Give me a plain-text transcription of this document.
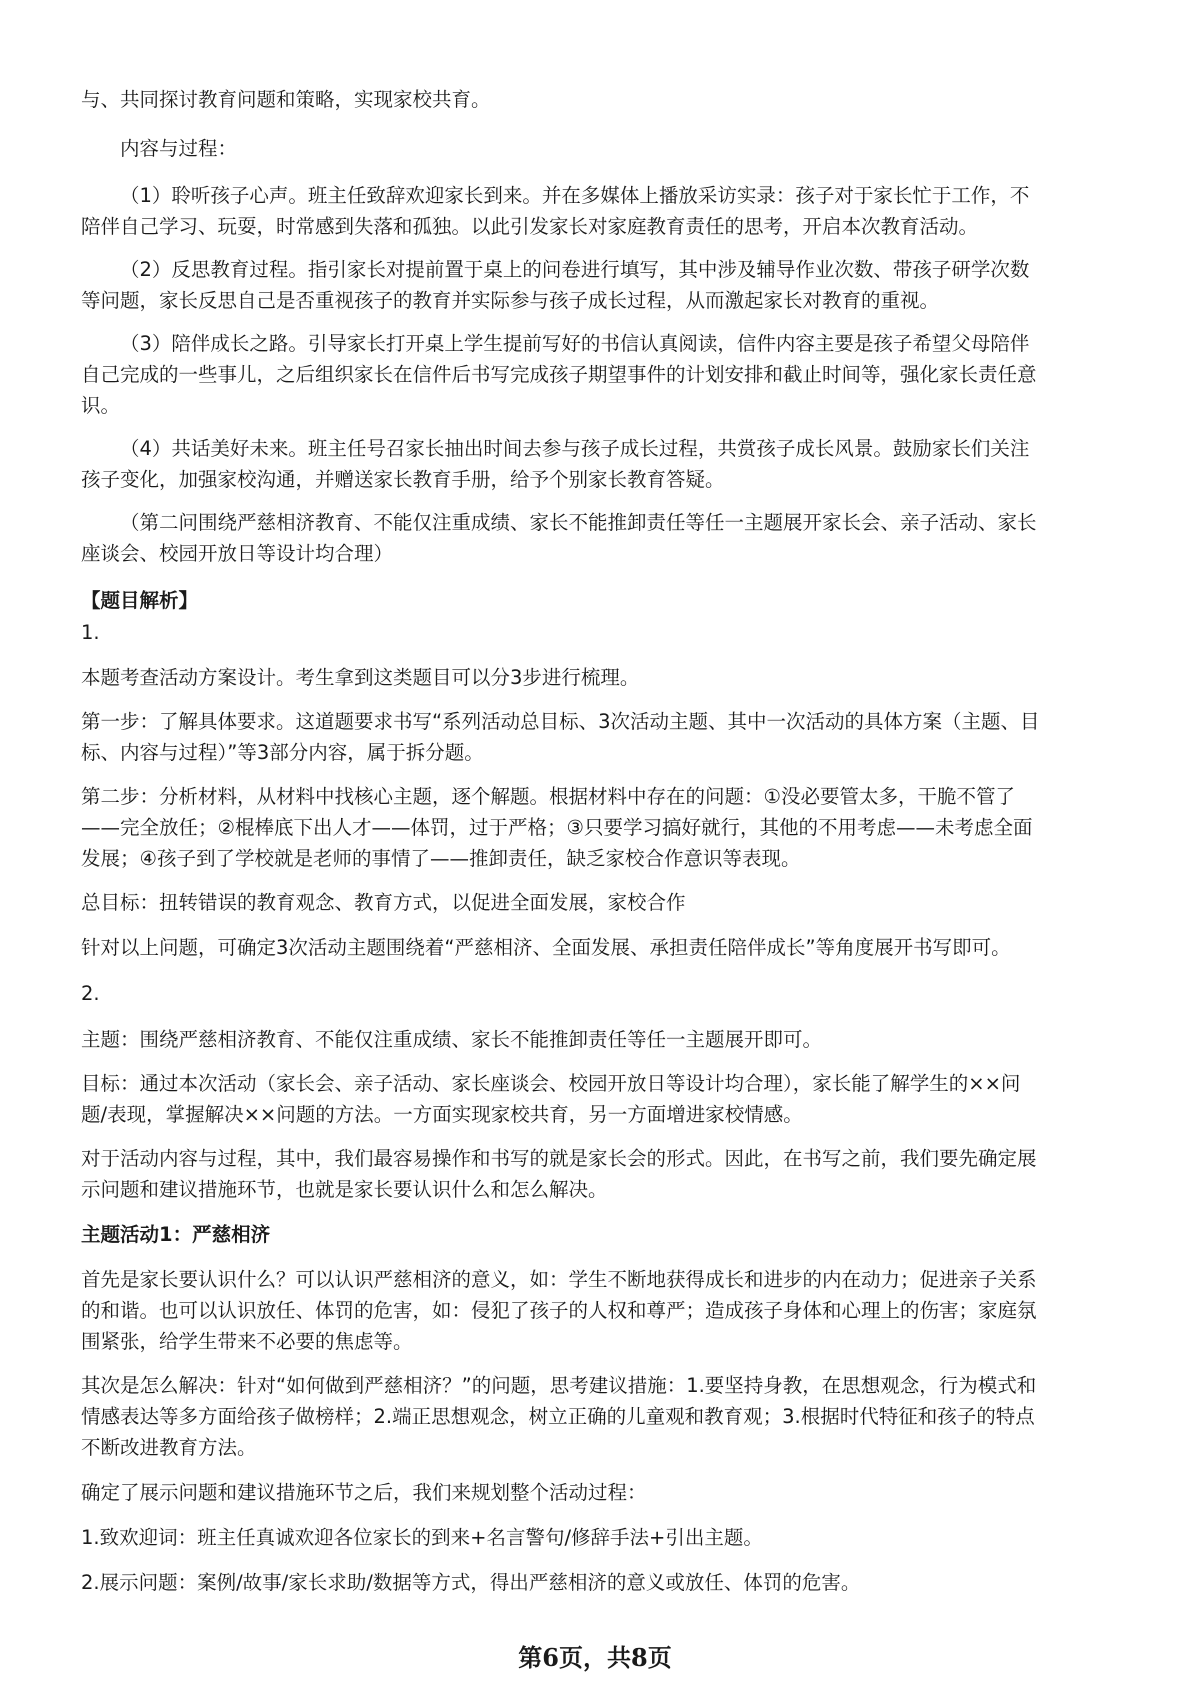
与、共同探讨教育问题和策略，实现家校共育。

内容与过程：

（1）聆听孩子心声。班主任致辞欢迎家长到来。并在多媒体上播放采访实录：孩子对于家长忙于工作，不

陪伴自己学习、玩耍，时常感到失落和孤独。以此引发家长对家庭教育责任的思考，开启本次教育活动。

（2）反思教育过程。指引家长对提前置于桌上的问卷进行填写，其中涉及辅导作业次数、带孩子研学次数

等问题，家长反思自己是否重视孩子的教育并实际参与孩子成长过程，从而激起家长对教育的重视。

（3）陪伴成长之路。引导家长打开桌上学生提前写好的书信认真阅读，信件内容主要是孩子希望父母陪伴

自己完成的一些事儿，之后组织家长在信件后书写完成孩子期望事件的计划安排和截止时间等，强化家长责任意

识。

（4）共话美好未来。班主任号召家长抽出时间去参与孩子成长过程，共赏孩子成长风景。鼓励家长们关注

孩子变化，加强家校沟通，并赠送家长教育手册，给予个别家长教育答疑。

（第二问围绕严慈相济教育、不能仅注重成绩、家长不能推卸责任等任一主题展开家长会、亲子活动、家长

座谈会、校园开放日等设计均合理）

【题目解析】

1.

本题考查活动方案设计。考生拿到这类题目可以分3步进行梳理。

第一步：了解具体要求。这道题要求书写“系列活动总目标、3次活动主题、其中一次活动的具体方案（主题、目

标、内容与过程）”等3部分内容，属于拆分题。

第二步：分析材料，从材料中找核心主题，逐个解题。根据材料中存在的问题：①没必要管太多，干脆不管了

——完全放任；②棍棒底下出人才——体罚，过于严格；③只要学习搞好就行，其他的不用考虑——未考虑全面

发展；④孩子到了学校就是老师的事情了——推卸责任，缺乏家校合作意识等表现。

总目标：扭转错误的教育观念、教育方式，以促进全面发展，家校合作

针对以上问题，可确定3次活动主题围绕着“严慈相济、全面发展、承担责任陪伴成长”等角度展开书写即可。

2.

主题：围绕严慈相济教育、不能仅注重成绩、家长不能推卸责任等任一主题展开即可。

目标：通过本次活动（家长会、亲子活动、家长座谈会、校园开放日等设计均合理），家长能了解学生的××问

题/表现，掌握解决××问题的方法。一方面实现家校共育，另一方面增进家校情感。

对于活动内容与过程，其中，我们最容易操作和书写的就是家长会的形式。因此，在书写之前，我们要先确定展

示问题和建议措施环节，也就是家长要认识什么和怎么解决。

主题活动1：严慈相济

首先是家长要认识什么？可以认识严慈相济的意义，如：学生不断地获得成长和进步的内在动力；促进亲子关系

的和谐。也可以认识放任、体罚的危害，如：侵犯了孩子的人权和尊严；造成孩子身体和心理上的伤害；家庭氛

围紧张，给学生带来不必要的焦虑等。

其次是怎么解决：针对“如何做到严慈相济？”的问题，思考建议措施：1.要坚持身教，在思想观念，行为模式和

情感表达等多方面给孩子做榜样；2.端正思想观念，树立正确的儿童观和教育观；3.根据时代特征和孩子的特点

不断改进教育方法。

确定了展示问题和建议措施环节之后，我们来规划整个活动过程：

1.致欢迎词：班主任真诚欢迎各位家长的到来+名言警句/修辞手法+引出主题。

2.展示问题：案例/故事/家长求助/数据等方式，得出严慈相济的意义或放任、体罚的危害。

第6页，共8页
